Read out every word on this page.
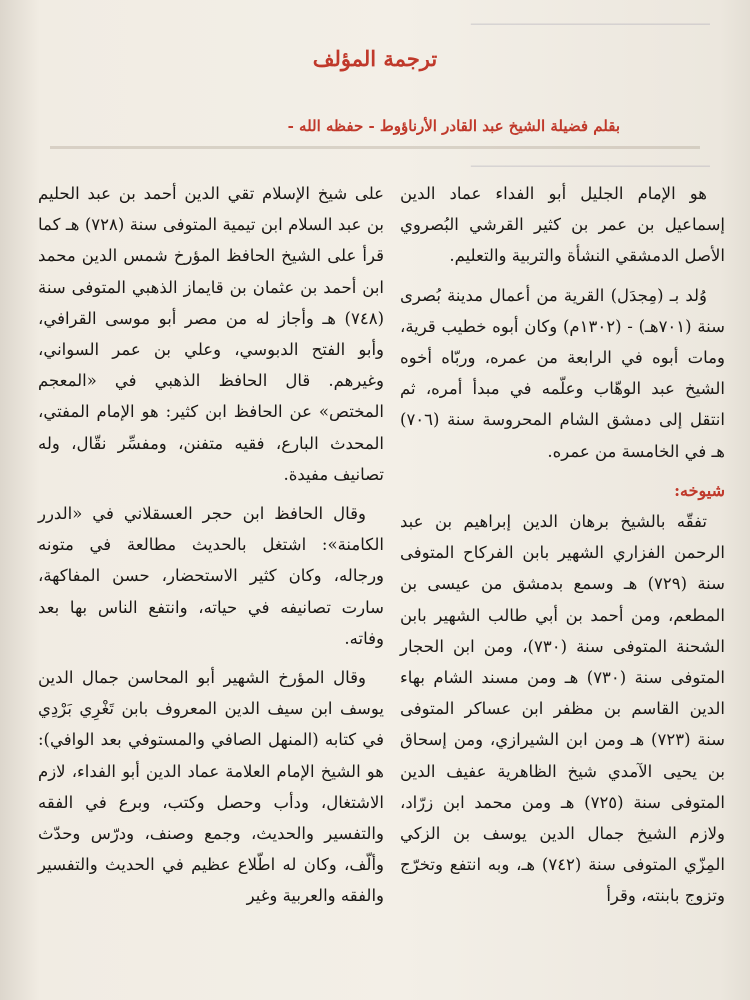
ــــــــــــــــــــــــــــــــــــــــــــــــ
ــــــــــــــــــــــــــــــــــــــــــــــــ
ترجمة المؤلف
بقلم فضيلة الشيخ عبد القادر الأرناؤوط - حفظه الله -

هو الإمام الجليل أبو الفداء عماد الدين إسماعيل بن عمر بن كثير القرشي البُصروي الأصل الدمشقي النشأة والتربية والتعليم.

وُلد بـ (مِجدَل) القرية من أعمال مدينة بُصرى سنة (٧٠١هـ) - (١٣٠٢م) وكان أبوه خطيب قرية، ومات أبوه في الرابعة من عمره، وربّاه أخوه الشيخ عبد الوهّاب وعلّمه في مبدأ أمره، ثم انتقل إلى دمشق الشام المحروسة سنة (٧٠٦) هـ في الخامسة من عمره.

شيوخه:

تفقّه بالشيخ برهان الدين إبراهيم بن عبد الرحمن الفزاري الشهير بابن الفركاح المتوفى سنة (٧٢٩) هـ وسمع بدمشق من عيسى بن المطعم، ومن أحمد بن أبي طالب الشهير بابن الشحنة المتوفى سنة (٧٣٠)، ومن ابن الحجار المتوفى سنة (٧٣٠) هـ ومن مسند الشام بهاء الدين القاسم بن مظفر ابن عساكر المتوفى سنة (٧٢٣) هـ ومن ابن الشيرازي، ومن إسحاق بن يحيى الآمدي شيخ الظاهرية عفيف الدين المتوفى سنة (٧٢٥) هـ ومن محمد ابن زرّاد، ولازم الشيخ جمال الدين يوسف بن الزكي المِزّي المتوفى سنة (٧٤٢) هـ، وبه انتفع وتخرّج وتزوج بابنته، وقرأ

على شيخ الإسلام تقي الدين أحمد بن عبد الحليم بن عبد السلام ابن تيمية المتوفى سنة (٧٢٨) هـ كما قرأ على الشيخ الحافظ المؤرخ شمس الدين محمد ابن أحمد بن عثمان بن قايماز الذهبي المتوفى سنة (٧٤٨) هـ وأجاز له من مصر أبو موسى القرافي، وأبو الفتح الدبوسي، وعلي بن عمر السواني، وغيرهم. قال الحافظ الذهبي في «المعجم المختص» عن الحافظ ابن كثير: هو الإمام المفتي، المحدث البارع، فقيه متفنن، ومفسِّر نقّال، وله تصانيف مفيدة.

وقال الحافظ ابن حجر العسقلاني في «الدرر الكامنة»: اشتغل بالحديث مطالعة في متونه ورجاله، وكان كثير الاستحضار، حسن المفاكهة، سارت تصانيفه في حياته، وانتفع الناس بها بعد وفاته.

وقال المؤرخ الشهير أبو المحاسن جمال الدين يوسف ابن سيف الدين المعروف بابن تَغْرِي بَرْدِي في كتابه (المنهل الصافي والمستوفي بعد الوافي): هو الشيخ الإمام العلامة عماد الدين أبو الفداء، لازم الاشتغال، ودأب وحصل وكتب، وبرع في الفقه والتفسير والحديث، وجمع وصنف، ودرّس وحدّث وألّف، وكان له اطّلاع عظيم في الحديث والتفسير والفقه والعربية وغير
